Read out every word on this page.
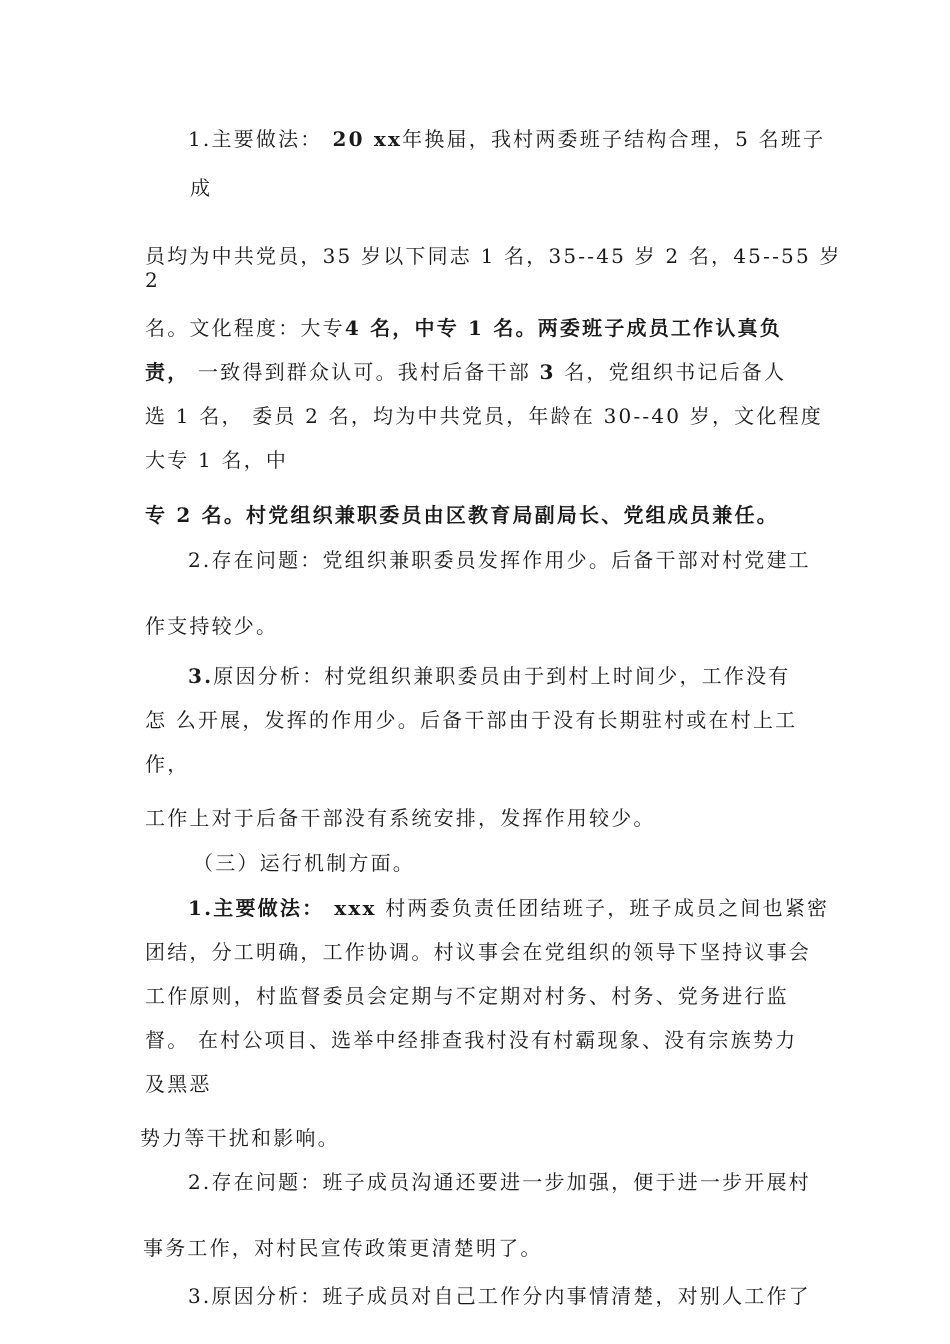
1.主要做法： 20 xx年换届，我村两委班子结构合理，5 名班子
成
员均为中共党员，35 岁以下同志 1 名，35--45 岁 2 名，45--55 岁
2
名。文化程度：大专4 名，中专 1 名。两委班子成员工作认真负
责， 一致得到群众认可。我村后备干部 3 名，党组织书记后备人
选 1 名， 委员 2 名，均为中共党员，年龄在 30--40 岁，文化程度
大专 1 名，中
专 2 名。村党组织兼职委员由区教育局副局长、党组成员兼任。
2.存在问题：党组织兼职委员发挥作用少。后备干部对村党建工
作支持较少。
3.原因分析：村党组织兼职委员由于到村上时间少，工作没有
怎 么开展，发挥的作用少。后备干部由于没有长期驻村或在村上工
作，
工作上对于后备干部没有系统安排，发挥作用较少。
（三）运行机制方面。
1.主要做法： xxx 村两委负责任团结班子，班子成员之间也紧密
团结，分工明确，工作协调。村议事会在党组织的领导下坚持议事会
工作原则，村监督委员会定期与不定期对村务、村务、党务进行监
督。 在村公项目、选举中经排查我村没有村霸现象、没有宗族势力
及黑恶
势力等干扰和影响。
2.存在问题：班子成员沟通还要进一步加强，便于进一步开展村
事务工作，对村民宣传政策更清楚明了。
3.原因分析：班子成员对自己工作分内事情清楚，对别人工作了
